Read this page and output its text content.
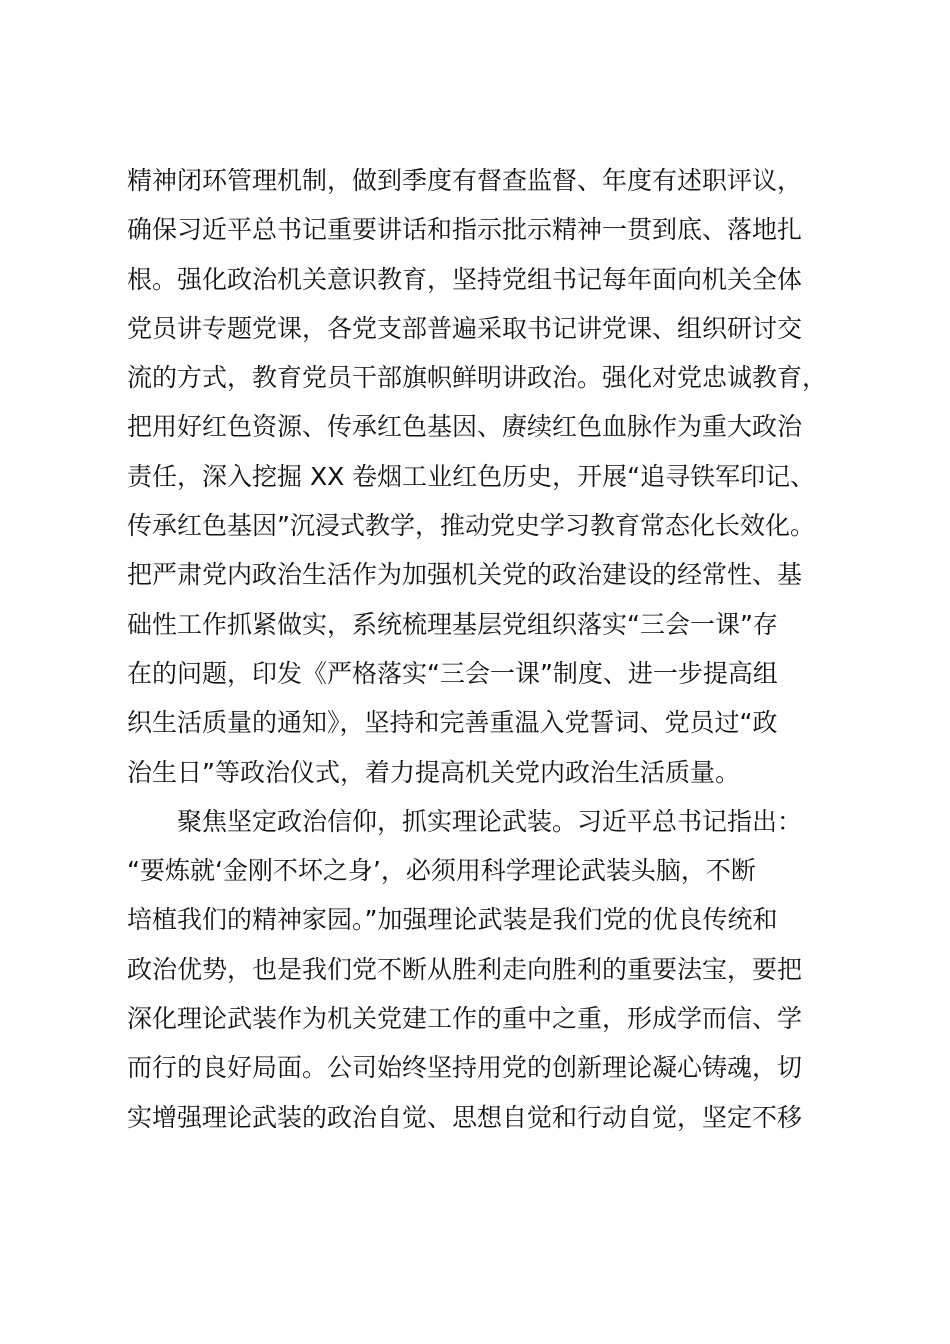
精神闭环管理机制，做到季度有督查监督、年度有述职评议，
确保习近平总书记重要讲话和指示批示精神一贯到底、落地扎
根。强化政治机关意识教育，坚持党组书记每年面向机关全体
党员讲专题党课，各党支部普遍采取书记讲党课、组织研讨交
流的方式，教育党员干部旗帜鲜明讲政治。强化对党忠诚教育，
把用好红色资源、传承红色基因、赓续红色血脉作为重大政治
责任，深入挖掘 XX 卷烟工业红色历史，开展“追寻铁军印记、
传承红色基因”沉浸式教学，推动党史学习教育常态化长效化。
把严肃党内政治生活作为加强机关党的政治建设的经常性、基
础性工作抓紧做实，系统梳理基层党组织落实“三会一课”存
在的问题，印发《严格落实“三会一课”制度、进一步提高组
织生活质量的通知》，坚持和完善重温入党誓词、党员过“政
治生日”等政治仪式，着力提高机关党内政治生活质量。
聚焦坚定政治信仰，抓实理论武装。习近平总书记指出：
“要炼就‘金刚不坏之身’，必须用科学理论武装头脑，不断
培植我们的精神家园。”加强理论武装是我们党的优良传统和
政治优势，也是我们党不断从胜利走向胜利的重要法宝，要把
深化理论武装作为机关党建工作的重中之重，形成学而信、学
而行的良好局面。公司始终坚持用党的创新理论凝心铸魂，切
实增强理论武装的政治自觉、思想自觉和行动自觉，坚定不移
